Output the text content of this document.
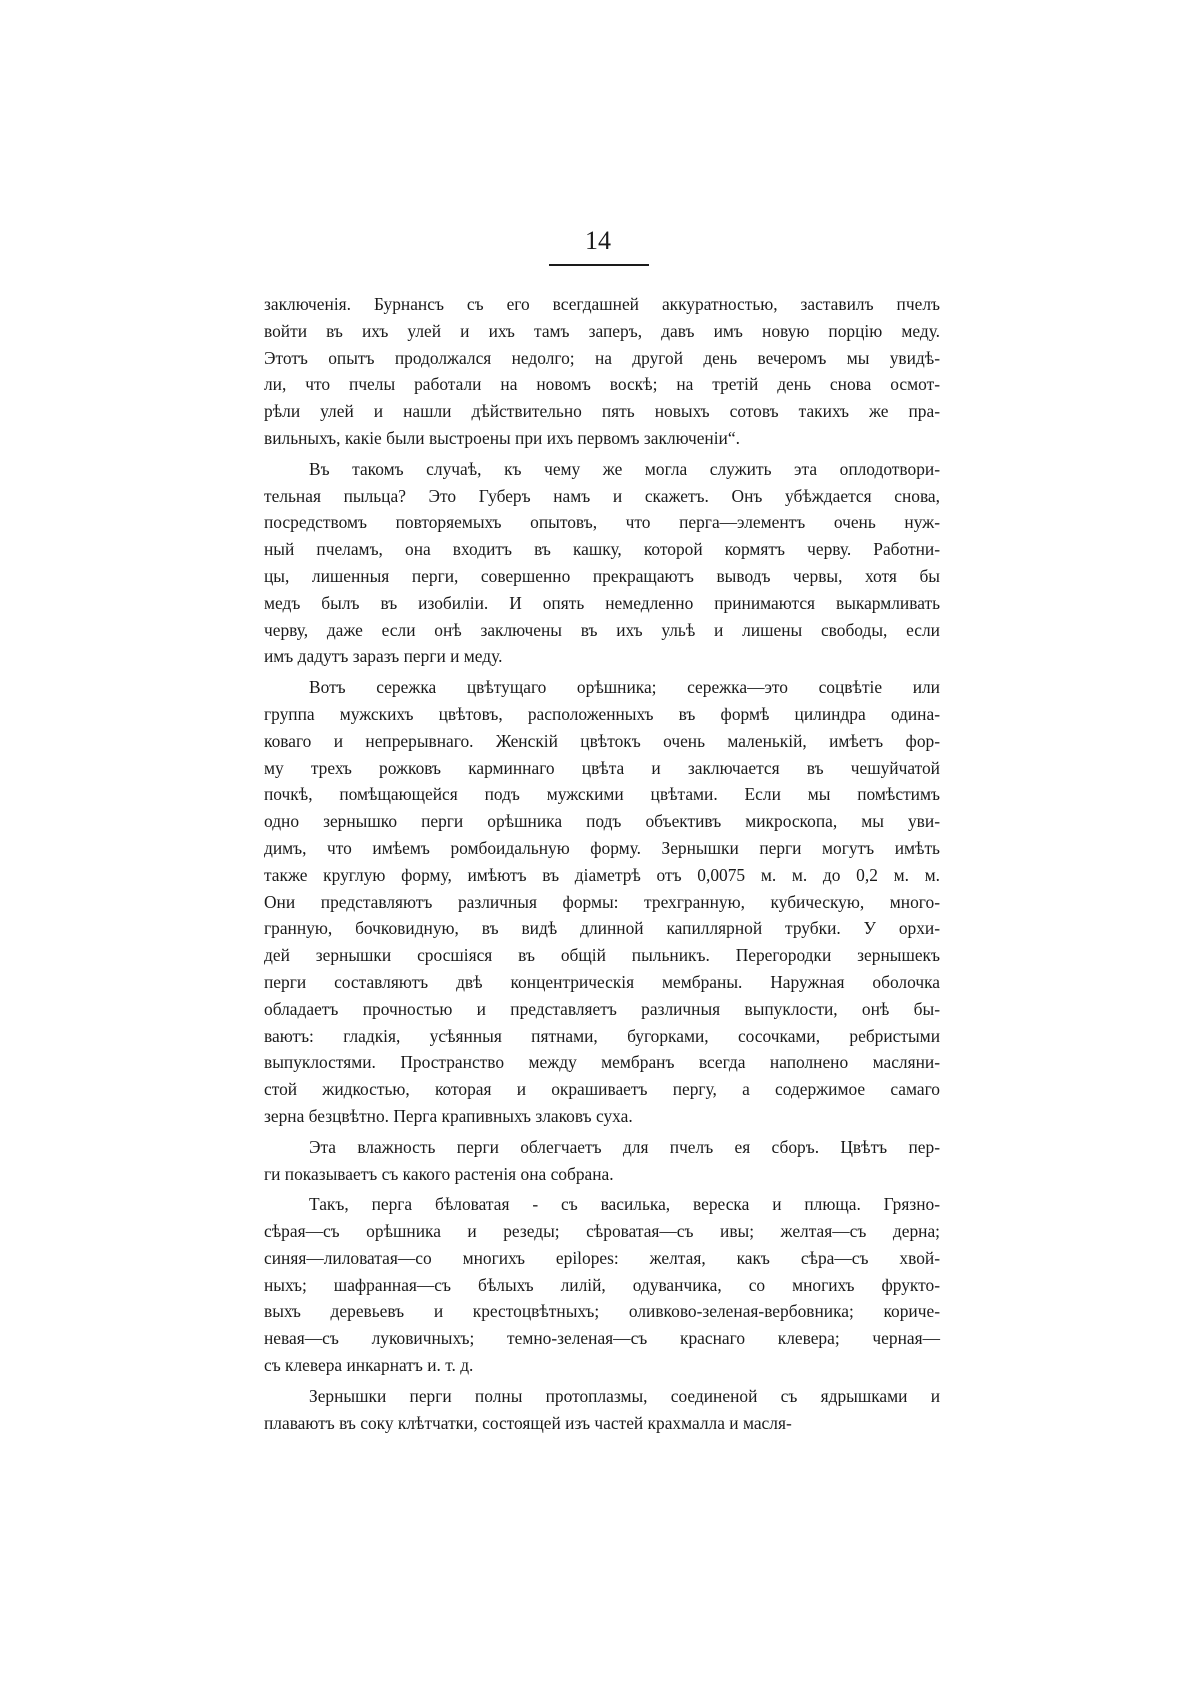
14
заключенія. Бурнансъ съ его всегдашней аккуратностью, заставилъ пчелъ
войти въ ихъ улей и ихъ тамъ заперъ, давъ имъ новую порцію меду.
Этотъ опытъ продолжался недолго; на другой день вечеромъ мы увидѣ-
ли, что пчелы работали на новомъ воскѣ; на третій день снова осмот-
рѣли улей и нашли дѣйствительно пять новыхъ сотовъ такихъ же пра-
вильныхъ, какіе были выстроены при ихъ первомъ заключеніи“.
Въ такомъ случаѣ, къ чему же могла служить эта оплодотвори-
тельная пыльца? Это Губеръ намъ и скажетъ. Онъ убѣждается снова,
посредствомъ повторяемыхъ опытовъ, что перга—элементъ очень нуж-
ный пчеламъ, она входитъ въ кашку, которой кормятъ черву. Работни-
цы, лишенныя перги, совершенно прекращаютъ выводъ червы, хотя бы
медъ былъ въ изобиліи. И опять немедленно принимаются выкармливать
черву, даже если онѣ заключены въ ихъ ульѣ и лишены свободы, если
имъ дадутъ заразъ перги и меду.
Вотъ сережка цвѣтущаго орѣшника; сережка—это соцвѣтіе или
группа мужскихъ цвѣтовъ, расположенныхъ въ формѣ цилиндра одина-
коваго и непрерывнаго. Женскій цвѣтокъ очень маленькій, имѣетъ фор-
му трехъ рожковъ карминнаго цвѣта и заключается въ чешуйчатой
почкѣ, помѣщающейся подъ мужскими цвѣтами. Если мы помѣстимъ
одно зернышко перги орѣшника подъ объективъ микроскопа, мы уви-
димъ, что имѣемъ ромбоидальную форму. Зернышки перги могутъ имѣть
также круглую форму, имѣютъ въ діаметрѣ отъ 0,0075 м. м. до 0,2 м. м.
Они представляютъ различныя формы: трехгранную, кубическую, много-
гранную, бочковидную, въ видѣ длинной капиллярной трубки. У орхи-
дей зернышки сросшіяся въ общій пыльникъ. Перегородки зернышекъ
перги составляютъ двѣ концентрическія мембраны. Наружная оболочка
обладаетъ прочностью и представляетъ различныя выпуклости, онѣ бы-
ваютъ: гладкія, усѣянныя пятнами, бугорками, сосочками, ребристыми
выпуклостями. Пространство между мембранъ всегда наполнено масляни-
стой жидкостью, которая и окрашиваетъ пергу, а содержимое самаго
зерна безцвѣтно. Перга крапивныхъ злаковъ суха.
Эта влажность перги облегчаетъ для пчелъ ея сборъ. Цвѣтъ пер-
ги показываетъ съ какого растенія она собрана.
Такъ, перга бѣловатая - съ василька, вереска и плюща. Грязно-
сѣрая—съ орѣшника и резеды; сѣроватая—съ ивы; желтая—съ дерна;
синяя—лиловатая—со многихъ epilopes: желтая, какъ сѣра—съ хвой-
ныхъ; шафранная—съ бѣлыхъ лилій, одуванчика, со многихъ фрукто-
выхъ деревьевъ и крестоцвѣтныхъ; оливково-зеленая-вербовника; кориче-
невая—съ луковичныхъ; темно-зеленая—съ краснаго клевера; черная—
съ клевера инкарнатъ и. т. д.
Зернышки перги полны протоплазмы, соединеной съ ядрышками и
плаваютъ въ соку клѣтчатки, состоящей изъ частей крахмалла и масля-
